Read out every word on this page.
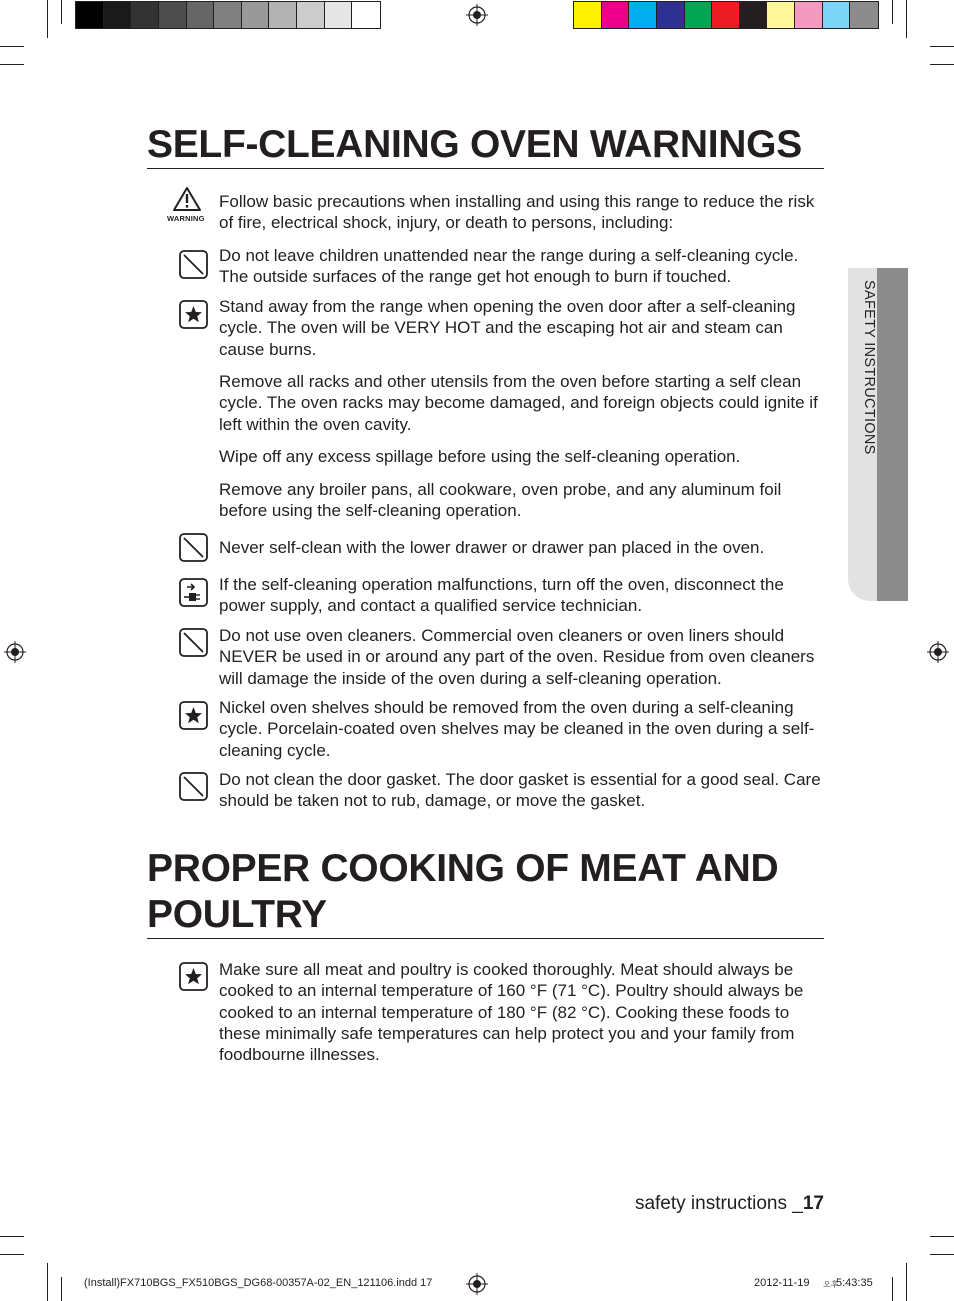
SELF-CLEANING OVEN WARNINGS
WARNING
Follow basic precautions when installing and using this range to reduce the risk of fire, electrical shock, injury, or death to persons, including:
Do not leave children unattended near the range during a self-cleaning cycle. The outside surfaces of the range get hot enough to burn if touched.
Stand away from the range when opening the oven door after a self-cleaning cycle. The oven will be VERY HOT and the escaping hot air and steam can cause burns.
Remove all racks and other utensils from the oven before starting a self clean cycle. The oven racks may become damaged, and foreign objects could ignite if left within the oven cavity.
Wipe off any excess spillage before using the self-cleaning operation.
Remove any broiler pans, all cookware, oven probe, and any aluminum foil before using the self-cleaning operation.
Never self-clean with the lower drawer or drawer pan placed in the oven.
If the self-cleaning operation malfunctions, turn off the oven, disconnect the power supply, and contact a qualified service technician.
Do not use oven cleaners. Commercial oven cleaners or oven liners should NEVER be used in or around any part of the oven. Residue from oven cleaners will damage the inside of the oven during a self-cleaning operation.
Nickel oven shelves should be removed from the oven during a self-cleaning cycle. Porcelain-coated oven shelves may be cleaned in the oven during a self-cleaning cycle.
Do not clean the door gasket. The door gasket is essential for a good seal. Care should be taken not to rub, damage, or move the gasket.
PROPER COOKING OF MEAT AND POULTRY
Make sure all meat and poultry is cooked thoroughly. Meat should always be cooked to an internal temperature of 160 °F (71 °C). Poultry should always be cooked to an internal temperature of 180 °F (82 °C). Cooking these foods to these minimally safe temperatures can help protect you and your family from foodbourne illnesses.
SAFETY INSTRUCTIONS
safety instructions _17
(Install)FX710BGS_FX510BGS_DG68-00357A-02_EN_121106.indd 17	2012-11-19 오후
5:43:35
